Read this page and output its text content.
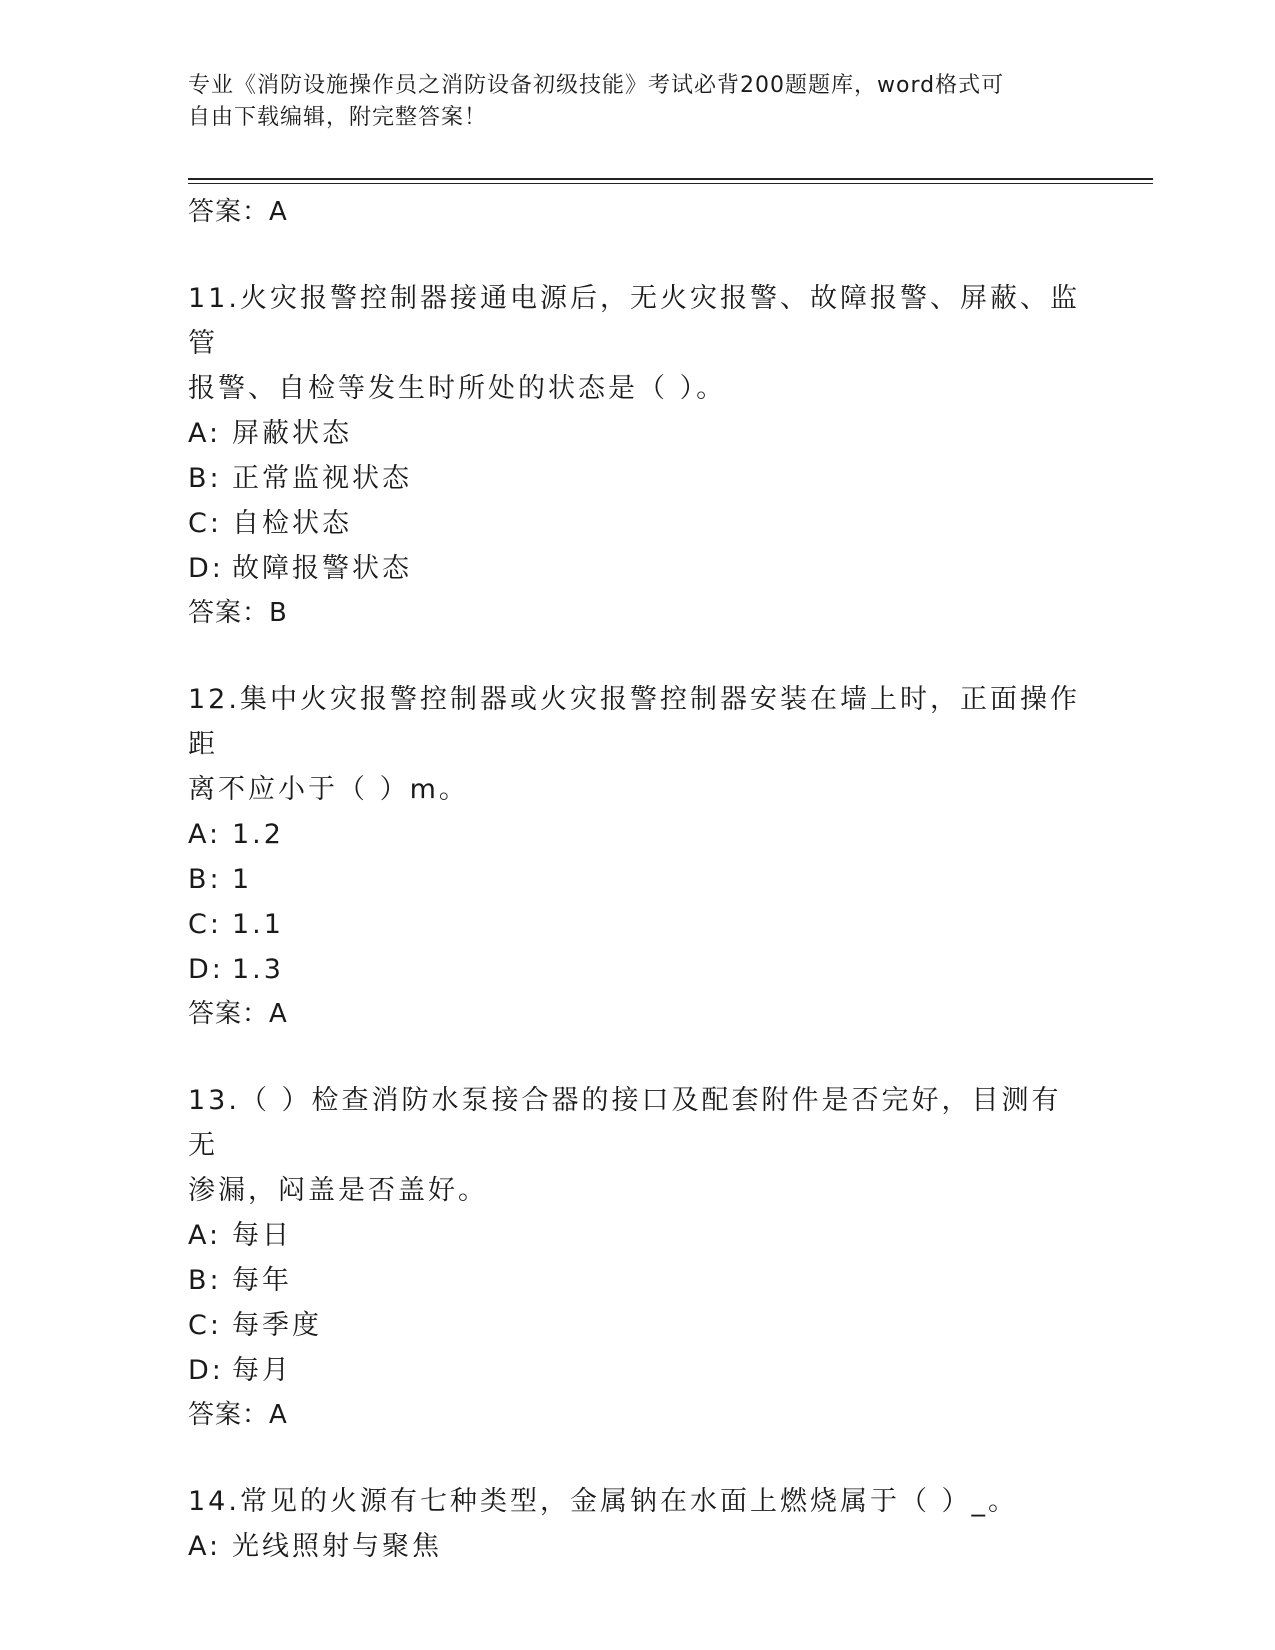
专业《消防设施操作员之消防设备初级技能》考试必背200题题库，word格式可
自由下载编辑，附完整答案！
答案：A
11.火灾报警控制器接通电源后，无火灾报警、故障报警、屏蔽、监管
报警、自检等发生时所处的状态是（ ）。
A: 屏蔽状态
B: 正常监视状态
C: 自检状态
D: 故障报警状态
答案：B
12.集中火灾报警控制器或火灾报警控制器安装在墙上时，正面操作距
离不应小于（ ）m。
A: 1.2
B: 1
C: 1.1
D: 1.3
答案：A
13.（ ）检查消防水泵接合器的接口及配套附件是否完好，目测有无
渗漏，闷盖是否盖好。
A: 每日
B: 每年
C: 每季度
D: 每月
答案：A
14.常见的火源有七种类型，金属钠在水面上燃烧属于（ ）_。
A: 光线照射与聚焦
